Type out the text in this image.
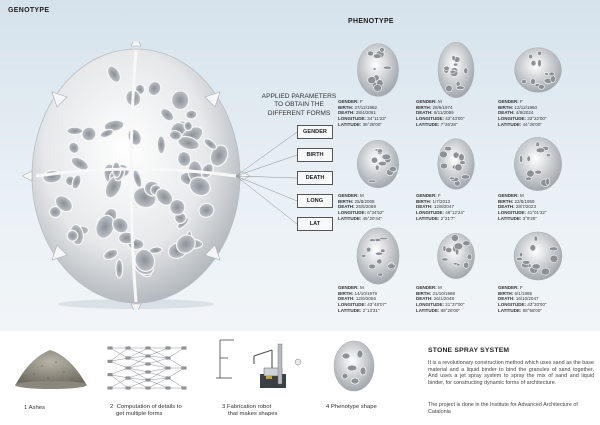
GENOTYPE
PHENOTYPE
APPLIED PARAMETERS
TO OBTAIN THE
DIFFERENT FORMS
GENDER
BIRTH
DEATH
LONG
LAT
GENDER: F
BIRTH: 27/12/1982
DEATH: 28/4/2061
LONGITUDE: 34°11'23"
LATITUDE: 38°28'00"
GENDER: M
BIRTH: 28/5/1974
DEATH: 8/11/2059
LONGITUDE: 43°43'00"
LATITUDE: 7°26'28"
GENDER: F
BIRTH: 12/12/1960
DEATH: 4/9/2024
LONGITUDE: 33°22'00"
LATITUDE: 44°26'00"
GENDER: M
BIRTH: 25/8/2008
DEATH: 25/6/2069
LONGITUDE: 6°34'52"
LATITUDE: 45°20'44"
GENDER: F
BIRTH: 1/7/2013
DEATH: 12/8/2047
LONGITUDE: 46°12'24"
LATITUDE: 2°21'7"
GENDER: M
BIRTH: 22/8/1959
DEATH: 28/7/2023
LONGITUDE: 41°01'32"
LATITUDE: 3°9'25"
GENDER: M
BIRTH: 14/10/1979
DEATH: 12/9/2056
LONGITUDE: 43°48'07"
LATITUDE: 2°13'31"
GENDER: M
BIRTH: 21/10/1988
DEATH: 26/1/2048
LONGITUDE: 21°37'00"
LATITUDE: 88°26'00"
GENDER: F
BIRTH: 6/1/1985
DEATH: 16/10/2047
LONGITUDE: 43°20'00"
LATITUDE: 88°58'00"
1 Ashes	2 Computation of details to
get multiple forms
3 Fabrication robot
that makes shapes
4 Phenotype shape
STONE SPRAY SYSTEM
It is a revolutionary construction method which uses sand as the base material and a liquid binder to bind the granules of sand together. And uses a jet spray system to spray the mix of sand and liquid binder, for constructing dynamic forms of architecture.
The project is done in the Institute for Advanced Architecture of Catalonia
